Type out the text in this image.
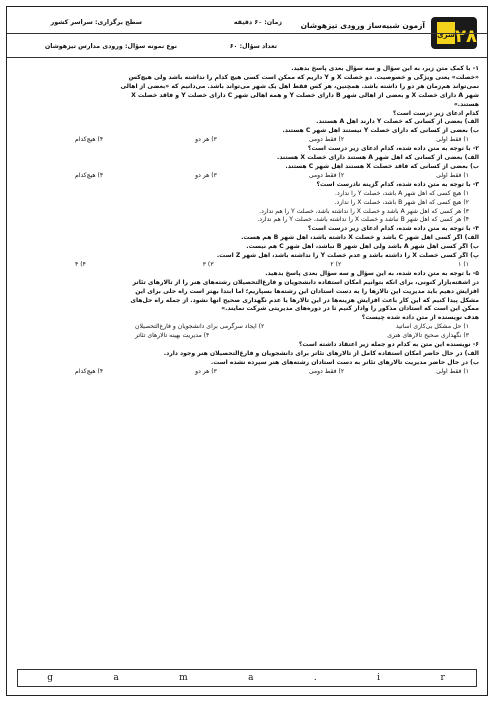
۲۸
سری
آزمون شبیه‌ساز ورودی تیزهوشان
زمان: ۶۰ دقیقه
سطح برگزاری: سراسر کشور
تعداد سؤال: ۶۰
نوع نمونه سؤال: ورودی مدارس تیزهوشان

۱- با کمک متن زیر، به این سؤال و سه سؤال بعدی پاسخ بدهید.

«خصلت» یعنی ویژگی و خصوصیت. دو خصلت X و Y داریم که ممکن است کسی هیچ کدام را نداشته باشد ولی هیچ‌کس

نمی‌تواند هم‌زمان هر دو را داشته باشد. همچنین، هر کس فقط اهل یک شهر می‌تواند باشد. می‌دانیم که «بعضی از اهالی

شهر A دارای خصلت X و بعضی از اهالی شهر B دارای خصلت Y و همه اهالی شهر C دارای خصلت Y و فاقد خصلت X

هستند.»

کدام ادعای زیر درست است؟

الف) بعضی از کسانی که خصلت Y دارند اهل A هستند.

ب) بعضی از کسانی که دارای خصلت Y نیستند اهل شهر C هستند.

۱) فقط اولی
۲) فقط دومی
۳) هر دو
۴) هیچ‌کدام

۲- با توجه به متن داده شده، کدام ادعای زیر درست است؟

الف) بعضی از کسانی که اهل شهر A هستند دارای خصلت X هستند.

ب) بعضی از کسانی که فاقد خصلت X هستند اهل شهر C هستند.

۱) فقط اولی
۲) فقط دومی
۳) هر دو
۴) هیچ‌کدام

۳- با توجه به متن داده شده، کدام گزینه نادرست است؟

۱) هیچ کسی که اهل شهر A باشد، خصلت Y را ندارد.

۲) هیچ کسی که اهل شهر B باشد، خصلت X را ندارد.

۳) هر کسی که اهل شهر A باشد و خصلت X را نداشته باشد، خصلت Y را هم ندارد.

۴) هر کسی که اهل شهر B نباشد و خصلت X را نداشته باشد، خصلت Y را هم ندارد.

۴- با توجه به متن داده شده، کدام ادعای زیر درست است؟

الف) اگر کسی اهل شهر C باشد و خصلت X داشته باشد، اهل شهر B هم هست.

ب) اگر کسی اهل شهر A باشد ولی اهل شهر B نباشد، اهل شهر C هم نیست.

پ) اگر کسی خصلت X را داشته باشد و عدم خصلت Y را نداشته باشد، اهل شهر Z است.

۱) ۱
۲) ۲
۳) ۳
۴) ۴

۵- با توجه به متن داده شده، به این سؤال و سه سؤال بعدی پاسخ بدهید.

در آشفته‌بازار کنونی، برای آنکه بتوانیم امکان استفاده دانشجویان و فارغ‌التحصیلان رشته‌های هنر را از تالارهای تئاتر

افزایش دهیم باید مدیریت این تالارها را به دست استادان این رشته‌ها بسپاریم؛ اما ابتدا بهتر است راه حلی برای این

مشکل پیدا کنیم که این کار باعث افزایش هزینه‌ها در این تالارها یا عدم نگهداری صحیح آنها نشود. از جمله راه حل‌های

ممکن این است که استادان مذکور را وادار کنیم تا در دوره‌های مدیریتی شرکت نمایند.»

هدف نویسنده از متن داده شده چیست؟

۱) حل مشکل بی‌کاری اساتید
۲) ایجاد سرگرمی برای دانشجویان و فارغ‌التحصیلان
۳) نگهداری صحیح تالارهای هنری
۴) مدیریت بهینه تالارهای تئاتر

۶- نویسنده این متن به کدام دو جمله زیر اعتقاد داشته است؟

الف) در حال حاضر امکان استفاده کامل از تالارهای تئاتر برای دانشجویان و فارغ‌التحصیلان هنر وجود دارد.

ب) در حال حاضر مدیریت تالارهای تئاتر به دست استادان رشته‌های هنر سپرده نشده است.

۱) فقط اولی
۲) فقط دومی
۳) هر دو
۴) هیچ‌کدام
g	a	m	a	.	i	r
